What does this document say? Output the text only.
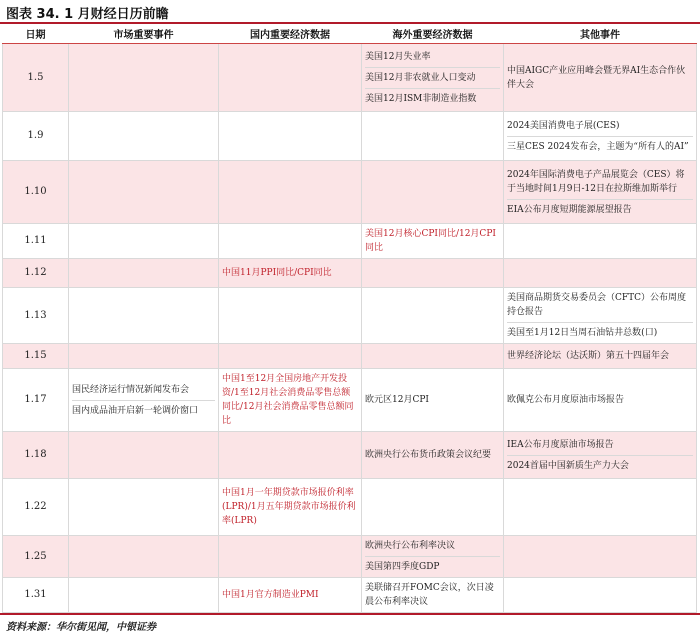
图表 34. 1 月财经日历前瞻
日期	市场重要事件	国内重要经济数据	海外重要经济数据	其他事件
1.5			美国12月失业率
美国12月非农就业人口变动
美国12月ISM非制造业指数	中国AIGC产业应用峰会暨无界AI生态合作伙伴大会

1.9				2024美国消费电子展(CES)
三星CES 2024发布会，主题为“所有人的AI”

1.10				2024年国际消费电子产品展览会（CES）将于当地时间1月9日-12日在拉斯维加斯举行
EIA公布月度短期能源展望报告

1.11			美国12月核心CPI同比/12月CPI同比	

1.12		中国11月PPI同比/CPI同比		

1.13				美国商品期货交易委员会（CFTC）公布周度持仓报告
美国至1月12日当周石油钻井总数(口)

1.15				世界经济论坛（达沃斯）第五十四届年会

1.17	国民经济运行情况新闻发布会
国内成品油开启新一轮调价窗口	中国1至12月全国房地产开发投资/1至12月社会消费品零售总额同比/12月社会消费品零售总额同比	欧元区12月CPI	欧佩克公布月度原油市场报告

1.18			欧洲央行公布货币政策会议纪要	IEA公布月度原油市场报告
2024首届中国新质生产力大会

1.22		中国1月一年期贷款市场报价利率(LPR)/1月五年期贷款市场报价利率(LPR)		

1.25			欧洲央行公布利率决议
美国第四季度GDP	

1.31		中国1月官方制造业PMI	美联储召开FOMC会议，次日凌晨公布利率决议	

资料来源：华尔街见闻，中银证券
